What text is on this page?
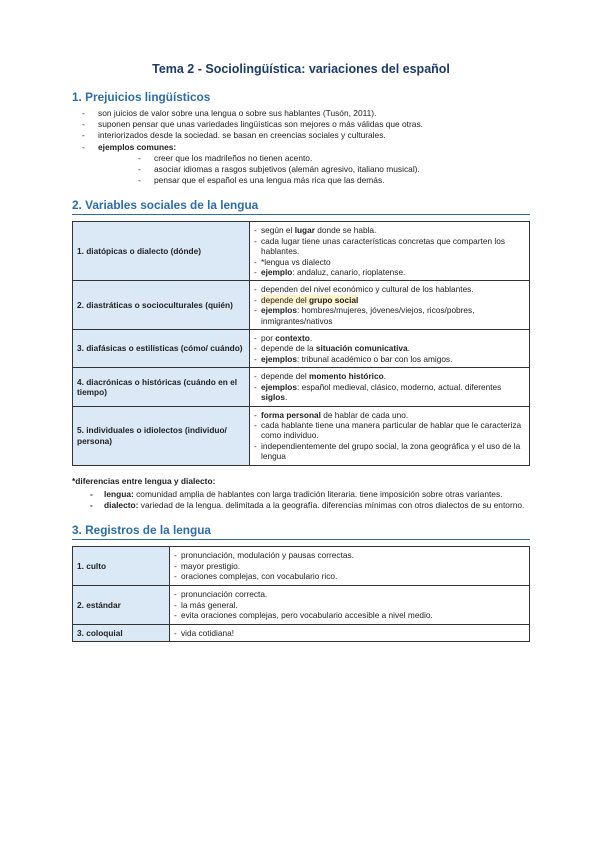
Tema 2 - Sociolingüística: variaciones del español
1. Prejuicios lingüísticos
- son juicios de valor sobre una lengua o sobre sus hablantes (Tusón, 2011).
- suponen pensar que unas variedades lingüísticas son mejores o más válidas que otras.
- interiorizados desde la sociedad. se basan en creencias sociales y culturales.
- ejemplos comunes:
- creer que los madrileños no tienen acento.
- asociar idiomas a rasgos subjetivos (alemán agresivo, italiano musical).
- pensar que el español es una lengua más rica que las demás.
2. Variables sociales de la lengua
1. diatópicas o dialecto (dónde)	- según el lugar donde se habla.
- cada lugar tiene unas características concretas que comparten los hablantes.
- *lengua vs dialecto
- ejemplo: andaluz, canario, rioplatense.

2. diastráticas o socioculturales (quién)	- dependen del nivel económico y cultural de los hablantes.
- depende del grupo social
- ejemplos: hombres/mujeres, jóvenes/viejos, ricos/pobres, inmigrantes/nativos

3. diafásicas o estilísticas (cómo/ cuándo)	- por contexto.
- depende de la situación comunicativa.
- ejemplos: tribunal académico o bar con los amigos.

4. diacrónicas o históricas (cuándo en el tiempo)	- depende del momento histórico.
- ejemplos: español medieval, clásico, moderno, actual. diferentes siglos.

5. individuales o idiolectos (individuo/ persona)	- forma personal de hablar de cada uno.
- cada hablante tiene una manera particular de hablar que le caracteriza como individuo.
- independientemente del grupo social, la zona geográfica y el uso de la lengua
*diferencias entre lengua y dialecto:
- lengua: comunidad amplia de hablantes con larga tradición literaria. tiene imposición sobre otras variantes.
- dialecto: variedad de la lengua. delimitada a la geografía. diferencias mínimas con otros dialectos de su entorno.
3. Registros de la lengua
1. culto	- pronunciación, modulación y pausas correctas.
- mayor prestigio.
- oraciones complejas, con vocabulario rico.

2. estándar	- pronunciación correcta.
- la más general.
- evita oraciones complejas, pero vocabulario accesible a nivel medio.

3. coloquial	- vida cotidiana!
